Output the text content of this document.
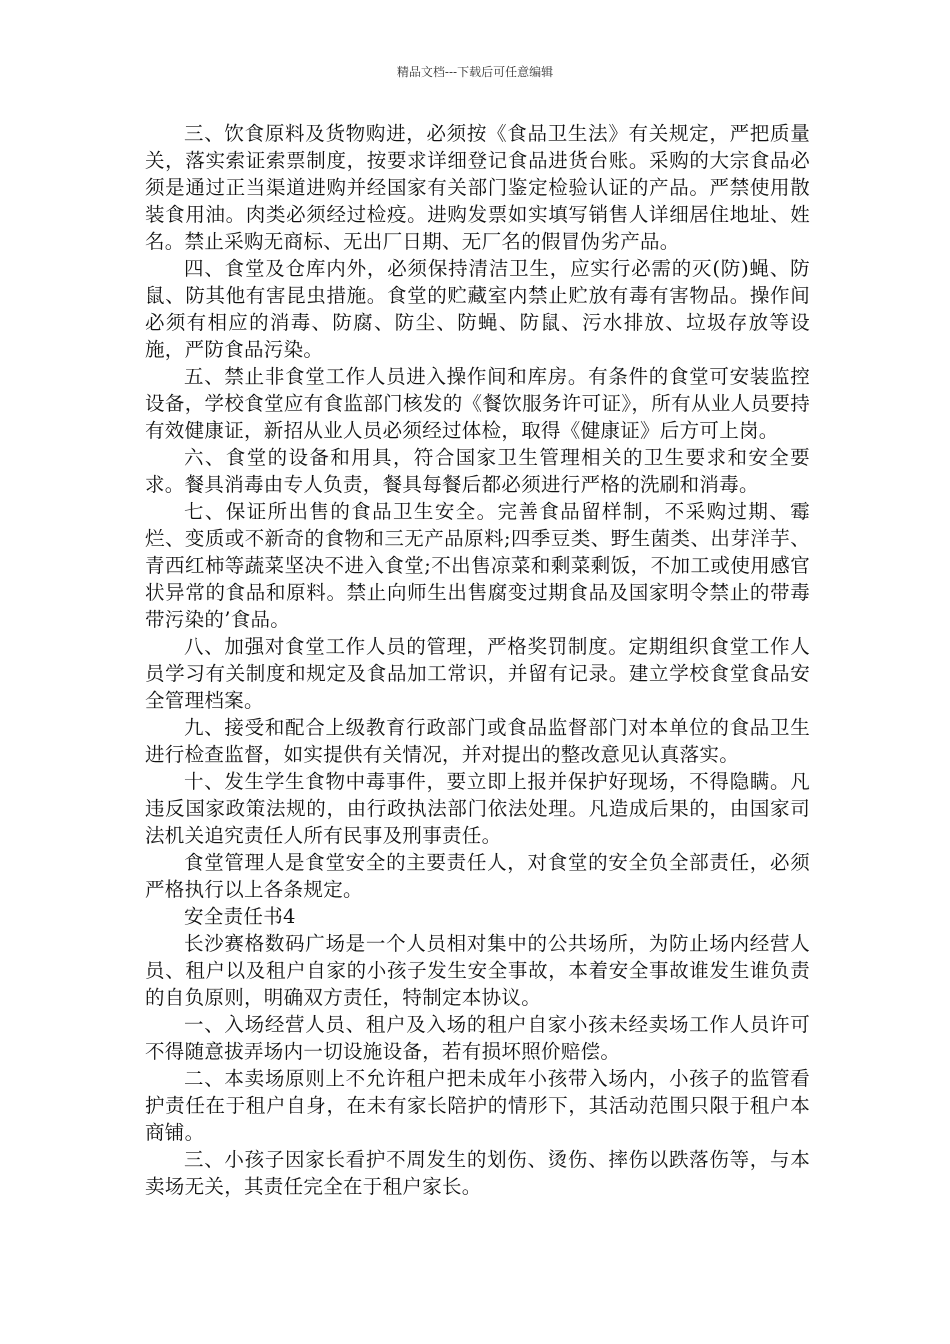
精品文档---下载后可任意编辑

三、饮食原料及货物购进，必须按《食品卫生法》有关规定，严把质量关，落实索证索票制度，按要求详细登记食品进货台账。采购的大宗食品必须是通过正当渠道进购并经国家有关部门鉴定检验认证的产品。严禁使用散装食用油。肉类必须经过检疫。进购发票如实填写销售人详细居住地址、姓名。禁止采购无商标、无出厂日期、无厂名的假冒伪劣产品。

四、食堂及仓库内外，必须保持清洁卫生，应实行必需的灭(防)蝇、防鼠、防其他有害昆虫措施。食堂的贮藏室内禁止贮放有毒有害物品。操作间必须有相应的消毒、防腐、防尘、防蝇、防鼠、污水排放、垃圾存放等设施，严防食品污染。

五、禁止非食堂工作人员进入操作间和库房。有条件的食堂可安装监控设备，学校食堂应有食监部门核发的《餐饮服务许可证》，所有从业人员要持有效健康证，新招从业人员必须经过体检，取得《健康证》后方可上岗。

六、食堂的设备和用具，符合国家卫生管理相关的卫生要求和安全要求。餐具消毒由专人负责，餐具每餐后都必须进行严格的洗刷和消毒。

七、保证所出售的食品卫生安全。完善食品留样制，不采购过期、霉烂、变质或不新奇的食物和三无产品原料;四季豆类、野生菌类、出芽洋芋、青西红柿等蔬菜坚决不进入食堂;不出售凉菜和剩菜剩饭，不加工或使用感官状异常的食品和原料。禁止向师生出售腐变过期食品及国家明令禁止的带毒带污染的’食品。

八、加强对食堂工作人员的管理，严格奖罚制度。定期组织食堂工作人员学习有关制度和规定及食品加工常识，并留有记录。建立学校食堂食品安全管理档案。

九、接受和配合上级教育行政部门或食品监督部门对本单位的食品卫生进行检查监督，如实提供有关情况，并对提出的整改意见认真落实。

十、发生学生食物中毒事件，要立即上报并保护好现场，不得隐瞒。凡违反国家政策法规的，由行政执法部门依法处理。凡造成后果的，由国家司法机关追究责任人所有民事及刑事责任。

食堂管理人是食堂安全的主要责任人，对食堂的安全负全部责任，必须严格执行以上各条规定。

安全责任书4

长沙赛格数码广场是一个人员相对集中的公共场所，为防止场内经营人员、租户以及租户自家的小孩子发生安全事故，本着安全事故谁发生谁负责的自负原则，明确双方责任，特制定本协议。

一、入场经营人员、租户及入场的租户自家小孩未经卖场工作人员许可不得随意拔弄场内一切设施设备，若有损坏照价赔偿。

二、本卖场原则上不允许租户把未成年小孩带入场内，小孩子的监管看护责任在于租户自身，在未有家长陪护的情形下，其活动范围只限于租户本商铺。

三、小孩子因家长看护不周发生的划伤、烫伤、摔伤以跌落伤等，与本卖场无关，其责任完全在于租户家长。
